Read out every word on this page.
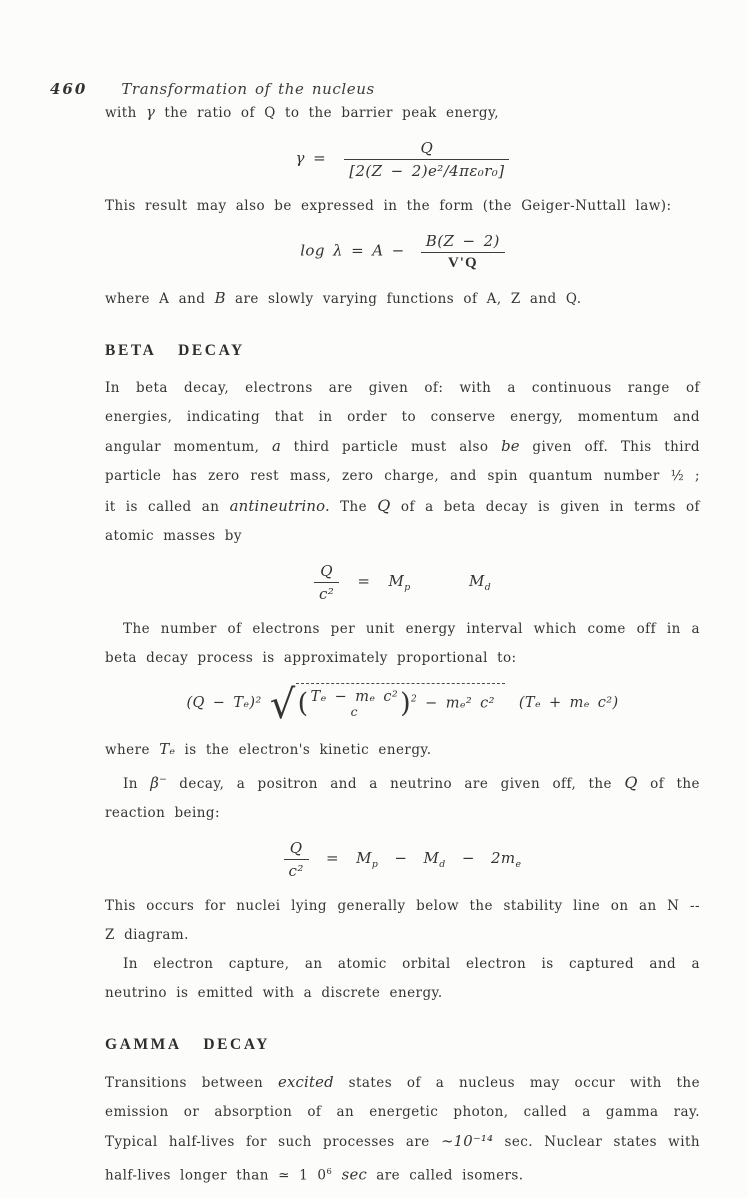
460 Transformation of the nucleus

with γ the ratio of Q to the barrier peak energy,

$\gamma = \frac{Q}{\text{[2(Z − 2)e²/4πε₀r₀]}}$

This result may also be expressed in the form (the Geiger-Nuttall law):

$\log \lambda = A - \frac{B(Z - 2)}{V'Q}$

where A and B are slowly varying functions of A, Z and Q.

BETA DECAY

In beta decay, electrons are given of: with a continuous range of energies, indicating that in order to conserve energy, momentum and angular momentum, a third particle must also be given off. This third particle has zero rest mass, zero charge, and spin quantum number ½ ; it is called an antineutrino. The Q of a beta decay is given in terms of atomic masses by

$\frac{Q}{\text{c²}} = M_p$	$M_d$

The number of electrons per unit energy interval which come off in a beta decay process is approximately proportional to:

(Q − Tₑ)² √ ( Tₑ − mₑ c²
c	)$^2$ − mₑ² c²	(Tₑ + mₑ c²)

where Tₑ is the electron's kinetic energy.

In β− decay, a positron and a neutrino are given off, the Q of the reaction being:

$\frac{Q}{\text{c²}} = M_p - M_d - 2m_e$

This occurs for nuclei lying generally below the stability line on an N -- Z diagram.

In electron capture, an atomic orbital electron is captured and a neutrino is emitted with a discrete energy.

GAMMA DECAY

Transitions between excited states of a nucleus may occur with the emission or absorption of an energetic photon, called a gamma ray. Typical half-lives for such processes are ∼10⁻¹⁴ sec. Nuclear states with half-lives longer than ≃ 1 $0^6$ sec are called isomers.
